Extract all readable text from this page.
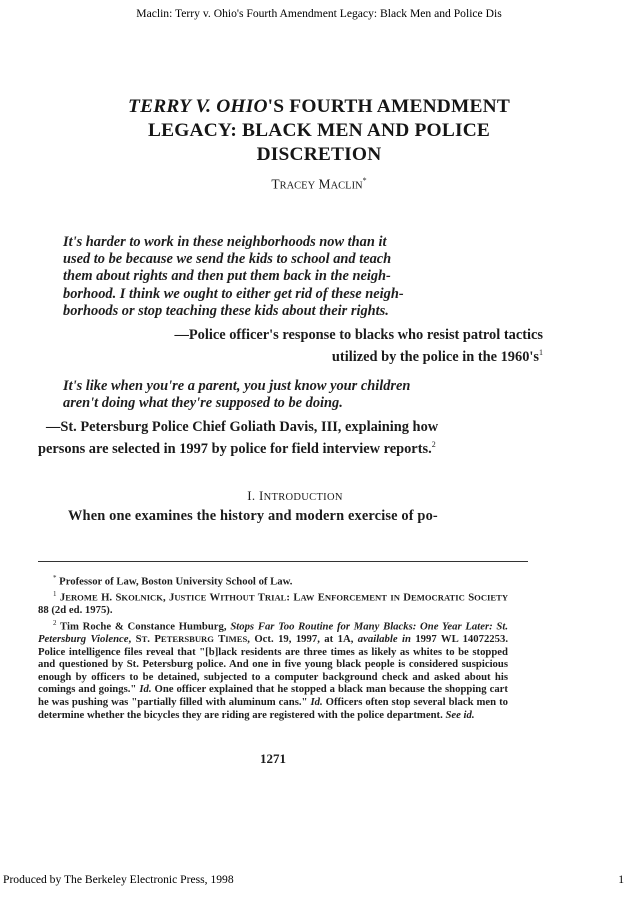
Maclin: Terry v. Ohio's Fourth Amendment Legacy: Black Men and Police Dis
TERRY V. OHIO'S FOURTH AMENDMENT
LEGACY: BLACK MEN AND POLICE
DISCRETION
TRACEY MACLIN*
It's harder to work in these neighborhoods now than it
used to be because we send the kids to school and teach
them about rights and then put them back in the neigh-
borhood. I think we ought to either get rid of these neigh-
borhoods or stop teaching these kids about their rights.
—Police officer's response to blacks who resist patrol tactics
utilized by the police in the $1960's^1$
It's like when you're a parent, you just know your children
aren't doing what they're supposed to be doing.
—St. Petersburg Police Chief Goliath Davis, III, explaining how
persons are selected in 1997 by police for field interview reports.$^2$
I. INTRODUCTION
When one examines the history and modern exercise of po-

* Professor of Law, Boston University School of Law.

$^1$ JEROME H. SKOLNICK, JUSTICE WITHOUT TRIAL: LAW ENFORCEMENT IN DEMOCRATIC SOCIETY 88 (2d ed. 1975).

$^2$ Tim Roche & Constance Humburg, Stops Far Too Routine for Many Blacks: One Year Later: St. Petersburg Violence, ST. PETERSBURG TIMES, Oct. 19, 1997, at 1A, available in 1997 WL 14072253. Police intelligence files reveal that "[b]lack residents are three times as likely as whites to be stopped and questioned by St. Petersburg police. And one in five young black people is considered suspicious enough by officers to be detained, subjected to a computer background check and asked about his comings and goings." Id. One officer explained that he stopped a black man because the shopping cart he was pushing was "partially filled with aluminum cans." Id. Officers often stop several black men to determine whether the bicycles they are riding are registered with the police department. See id.

1271
Produced by The Berkeley Electronic Press, 1998	1
